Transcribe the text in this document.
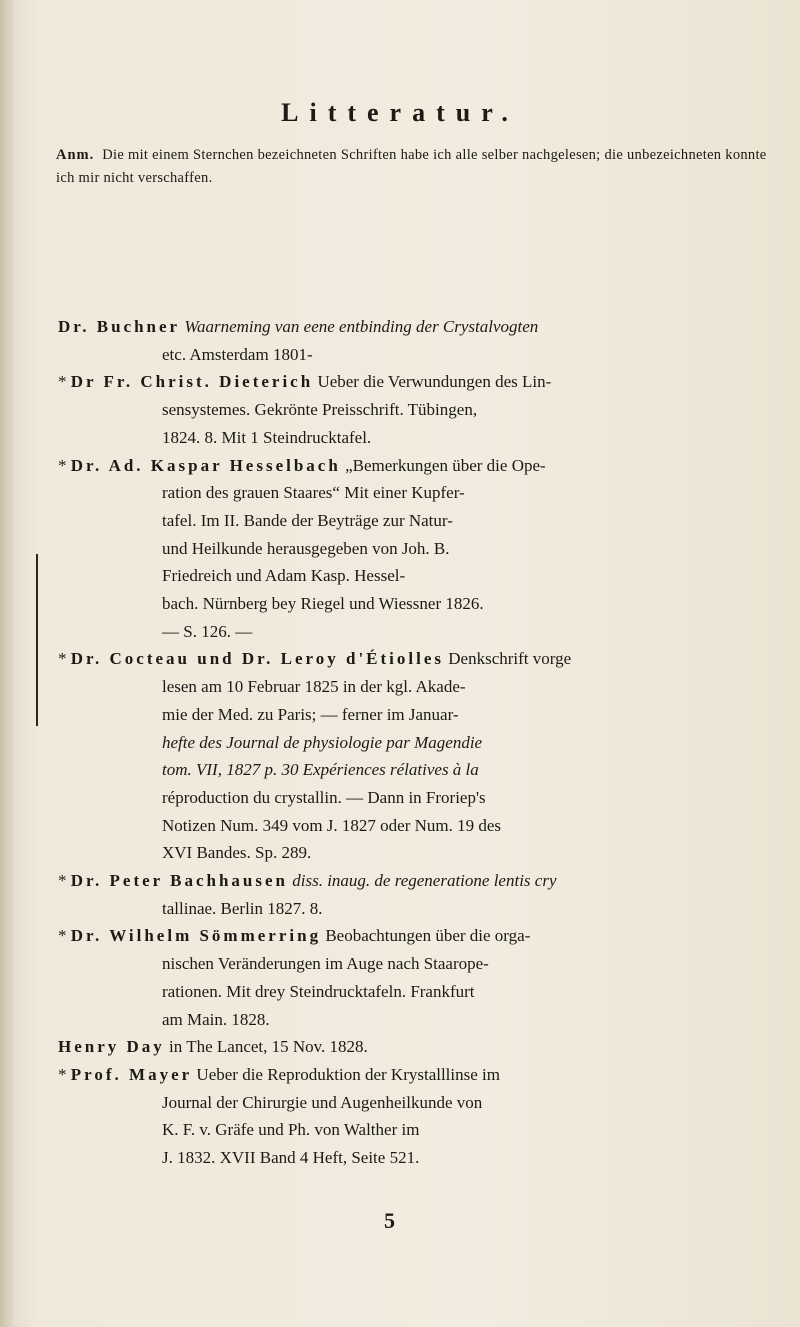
Litteratur.
Anm. Die mit einem Sternchen bezeichneten Schriften habe ich alle selber nachgelesen; die unbezeichneten konnte ich mir nicht verschaffen.
Dr. Buchner Waarneming van eene entbinding der Crystalvogten
etc. Amsterdam 1801-
* Dr Fr. Christ. Dieterich Ueber die Verwundungen des Lin-
sensystemes. Gekrönte Preisschrift. Tübingen,
1824. 8. Mit 1 Steindrucktafel.
* Dr. Ad. Kaspar Hesselbach „Bemerkungen über die Ope-
ration des grauen Staares“ Mit einer Kupfer-
tafel. Im II. Bande der Beyträge zur Natur-
und Heilkunde herausgegeben von Joh. B.
Friedreich und Adam Kasp. Hessel-
bach. Nürnberg bey Riegel und Wiessner 1826.
— S. 126. —
* Dr. Cocteau und Dr. Leroy d'Étiolles Denkschrift vorge
lesen am 10 Februar 1825 in der kgl. Akade-
mie der Med. zu Paris; — ferner im Januar-
hefte des Journal de physiologie par Magendie
tom. VII, 1827 p. 30 Expériences rélatives à la
réproduction du crystallin. — Dann in Froriep's
Notizen Num. 349 vom J. 1827 oder Num. 19 des
XVI Bandes. Sp. 289.
* Dr. Peter Bachhausen diss. inaug. de regeneratione lentis cry
tallinae. Berlin 1827. 8.
* Dr. Wilhelm Sömmerring Beobachtungen über die orga-
nischen Veränderungen im Auge nach Staarope-
rationen. Mit drey Steindrucktafeln. Frankfurt
am Main. 1828.
Henry Day in The Lancet, 15 Nov. 1828.
* Prof. Mayer Ueber die Reproduktion der Krystalllinse im
Journal der Chirurgie und Augenheilkunde von
K. F. v. Gräfe und Ph. von Walther im
J. 1832. XVII Band 4 Heft, Seite 521.
5
